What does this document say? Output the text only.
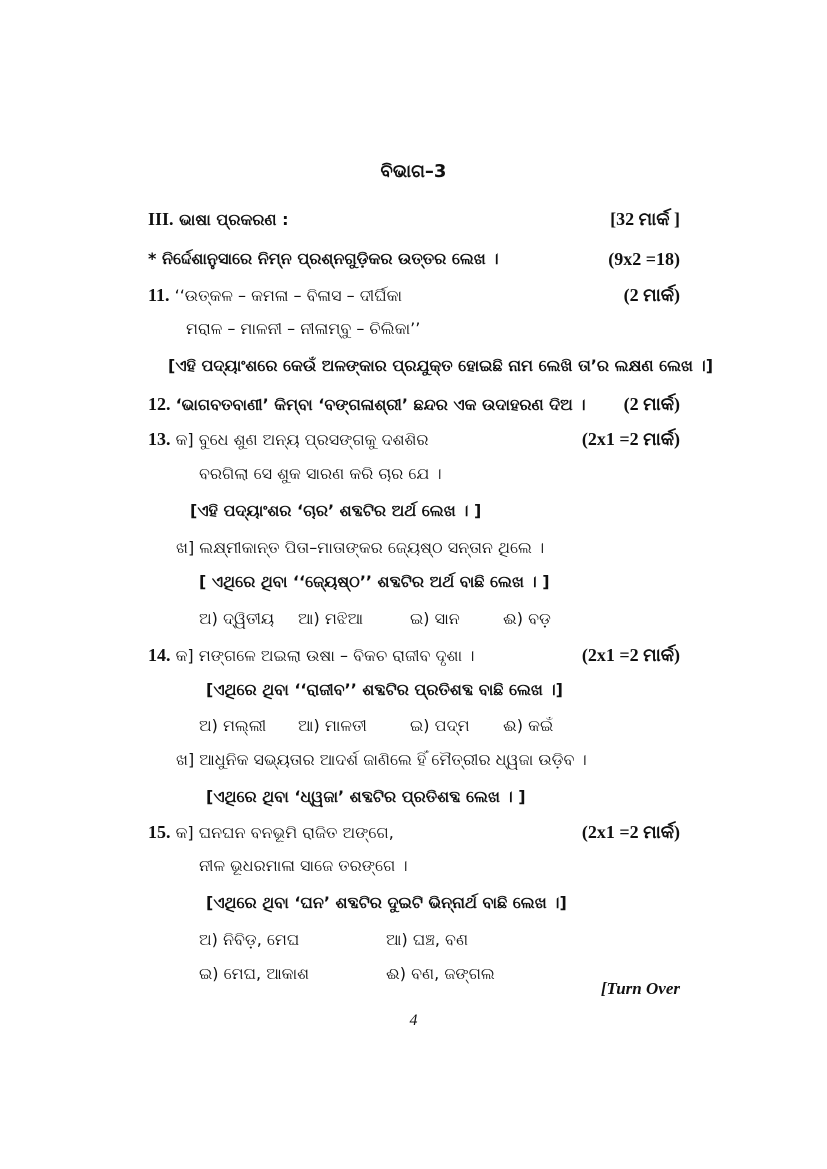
ବିଭାଗ–3
III. ଭାଷା ପ୍ରକରଣ :	[32 ମାର୍କ ]
* ନିର୍ଦ୍ଦେଶାନୁସାରେ ନିମ୍ନ ପ୍ରଶ୍ନଗୁଡ଼ିକର ଉତ୍ତର ଲେଖ ।	(9x2 =18)
11. ‘‘ଉତ୍କଳ – କମଳା – ବିଳାସ – ଦୀର୍ଘିକା	(2 ମାର୍କ)
ମରାଳ – ମାଳନୀ – ନୀଳାମ୍ବୁ – ଚିଲିକା’’
[ଏହି ପଦ୍ୟାଂଶରେ କେଉଁ ଅଳଙ୍କାର ପ୍ରଯୁକ୍ତ ହୋଇଛି ନାମ ଲେଖି ତା’ର ଲକ୍ଷଣ ଲେଖ ।]
12. ‘ଭାଗବତବାଣୀ’ କିମ୍ବା ‘ବଙ୍ଗଳାଶ୍ରୀ’ ଛନ୍ଦର ଏକ ଉଦାହରଣ ଦିଅ । (2 ମାର୍କ)
13. କ] ବୁଧେ ଶୁଣ ଅନ୍ୟ ପ୍ରସଙ୍ଗକୁ ଦଶଶିର	(2x1 =2 ମାର୍କ)
ବରଗିଲା ସେ ଶୁକ ସାରଣ କରି ଚାର ଯେ ।
[ଏହି ପଦ୍ୟାଂଶର ‘ଚାର’ ଶବ୍ଦଟିର ଅର୍ଥ ଲେଖ । ]
ଖ] ଲକ୍ଷ୍ମୀକାନ୍ତ ପିତା–ମାତାଙ୍କର ଜ୍ୟେଷ୍ଠ ସନ୍ତାନ ଥିଲେ ।
[ ଏଥିରେ ଥିବା ‘‘ଜ୍ୟେଷ୍ଠ’’ ଶବ୍ଦଟିର ଅର୍ଥ ବାଛି ଲେଖ । ]
ଅ) ଦ୍ୱିତୀୟ ଆ) ମଝିଆ	ଇ) ସାନ	ଈ) ବଡ଼
14. କ] ମଙ୍ଗଳେ ଅଇଲା ଉଷା – ବିକଚ ରାଜୀବ ଦୃଶା ।	(2x1 =2 ମାର୍କ)
[ଏଥିରେ ଥିବା ‘‘ରାଜୀବ’’ ଶବ୍ଦଟିର ପ୍ରତିଶବ୍ଦ ବାଛି ଲେଖ ।]
ଅ) ମଲ୍ଲୀ ଆ) ମାଳତୀ	ଇ) ପଦ୍ମ ଈ) କଇଁ
ଖ] ଆଧୁନିକ ସଭ୍ୟତାର ଆଦର୍ଶ ଜାଣିଲେ ହିଁ ମୈତ୍ରୀର ଧ୍ୱଜା ଉଡ଼ିବ ।
[ଏଥିରେ ଥିବା ‘ଧ୍ୱଜା’ ଶବ୍ଦଟିର ପ୍ରତିଶବ୍ଦ ଲେଖ । ]
15. କ] ଘନଘନ ବନଭୂମି ରାଜିତ ଅଙ୍ଗେ,	(2x1 =2 ମାର୍କ)
ନୀଳ ଭୂଧରମାଳା ସାଜେ ତରଙ୍ଗେ ।
[ଏଥିରେ ଥିବା ‘ଘନ’ ଶବ୍ଦଟିର ଦୁଇଟି ଭିନ୍ନାର୍ଥ ବାଛି ଲେଖ ।]
ଅ) ନିବିଡ଼, ମେଘ	ଆ) ଘଞ୍ଚ, ବଣ
ଇ) ମେଘ, ଆକାଶ	ଈ) ବଣ, ଜଙ୍ଗଲ
[Turn Over
4
